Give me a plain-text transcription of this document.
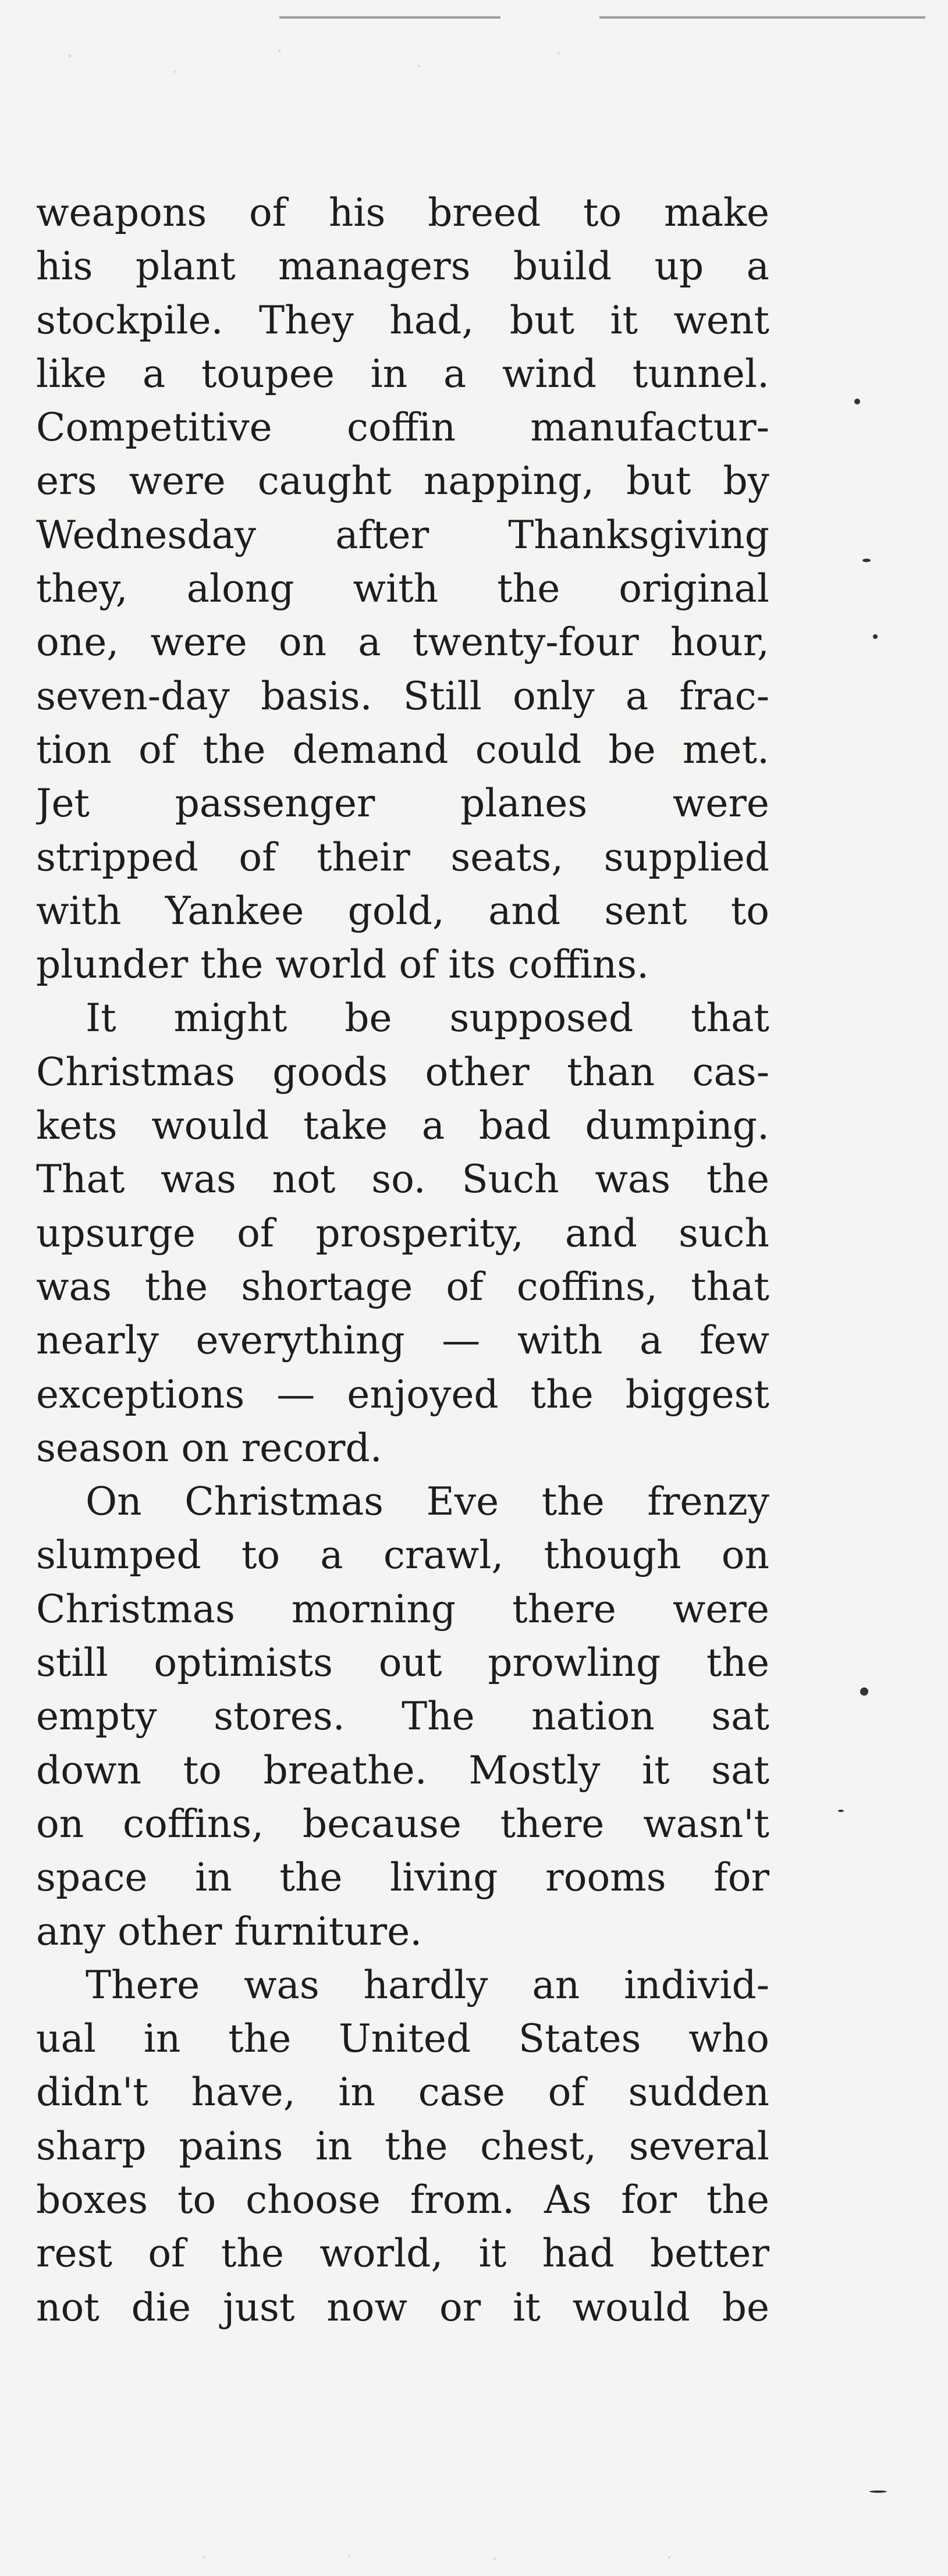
weapons of his breed to make
his plant managers build up a
stockpile. They had, but it went
like a toupee in a wind tunnel.
Competitive coffin manufactur-
ers were caught napping, but by
Wednesday after Thanksgiving
they, along with the original
one, were on a twenty-four hour,
seven-day basis. Still only a frac-
tion of the demand could be met.
Jet passenger planes were
stripped of their seats, supplied
with Yankee gold, and sent to
plunder the world of its coffins.
It might be supposed that
Christmas goods other than cas-
kets would take a bad dumping.
That was not so. Such was the
upsurge of prosperity, and such
was the shortage of coffins, that
nearly everything — with a few
exceptions — enjoyed the biggest
season on record.
On Christmas Eve the frenzy
slumped to a crawl, though on
Christmas morning there were
still optimists out prowling the
empty stores. The nation sat
down to breathe. Mostly it sat
on coffins, because there wasn't
space in the living rooms for
any other furniture.
There was hardly an individ-
ual in the United States who
didn't have, in case of sudden
sharp pains in the chest, several
boxes to choose from. As for the
rest of the world, it had better
not die just now or it would be
